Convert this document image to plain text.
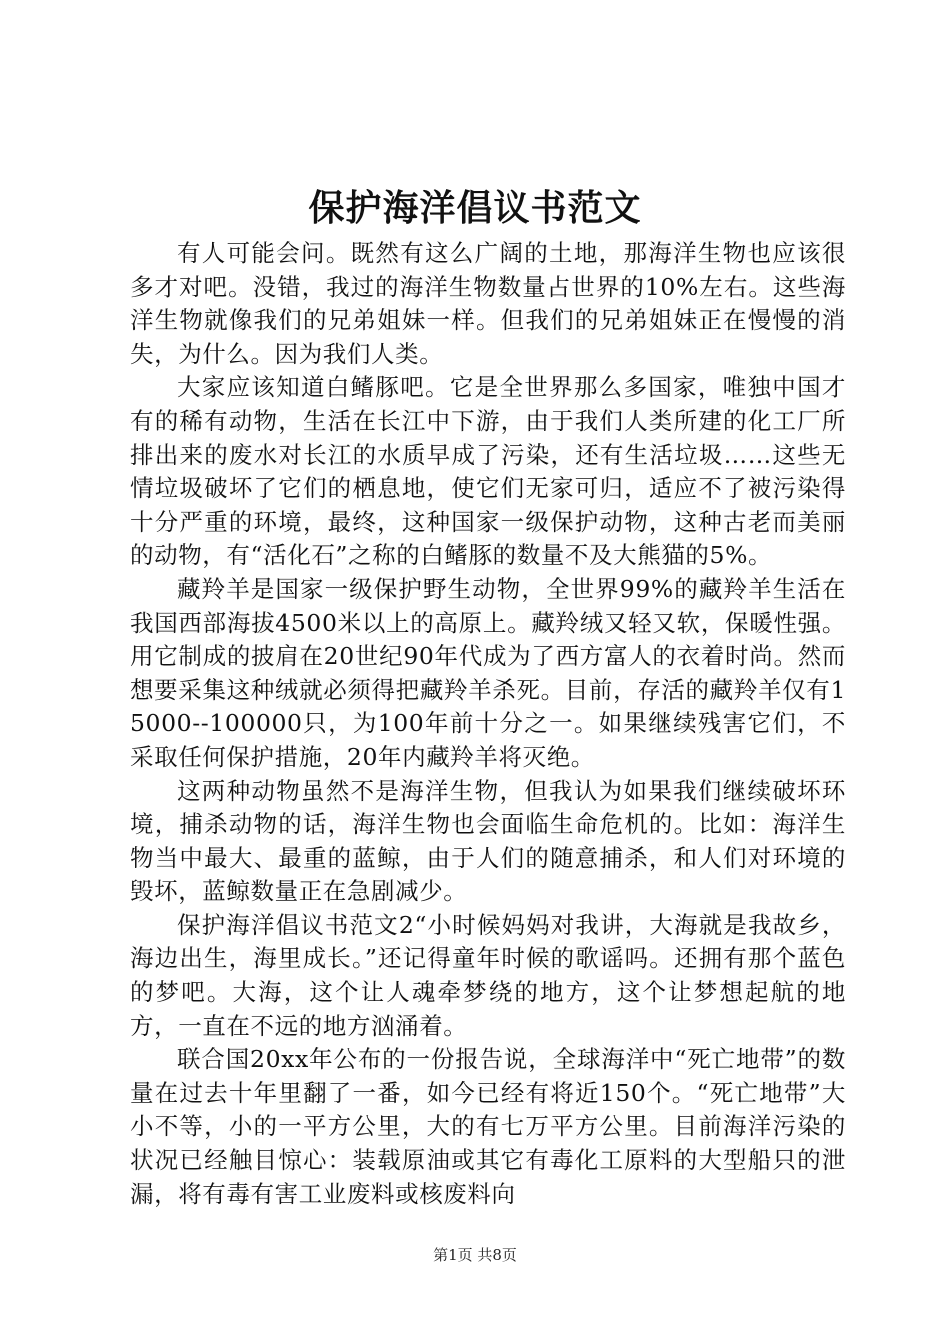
保护海洋倡议书范文

有人可能会问。既然有这么广阔的土地，那海洋生物也应该很多才对吧。没错，我过的海洋生物数量占世界的10%左右。这些海洋生物就像我们的兄弟姐妹一样。但我们的兄弟姐妹正在慢慢的消失，为什么。因为我们人类。

大家应该知道白鳍豚吧。它是全世界那么多国家，唯独中国才有的稀有动物，生活在长江中下游，由于我们人类所建的化工厂所排出来的废水对长江的水质早成了污染，还有生活垃圾……这些无情垃圾破坏了它们的栖息地，使它们无家可归，适应不了被污染得十分严重的环境，最终，这种国家一级保护动物，这种古老而美丽的动物，有“活化石”之称的白鳍豚的数量不及大熊猫的5%。

藏羚羊是国家一级保护野生动物，全世界99%的藏羚羊生活在我国西部海拔4500米以上的高原上。藏羚绒又轻又软，保暖性强。用它制成的披肩在20世纪90年代成为了西方富人的衣着时尚。然而想要采集这种绒就必须得把藏羚羊杀死。目前，存活的藏羚羊仅有15000--100000只，为100年前十分之一。如果继续残害它们，不采取任何保护措施，20年内藏羚羊将灭绝。

这两种动物虽然不是海洋生物，但我认为如果我们继续破坏环境，捕杀动物的话，海洋生物也会面临生命危机的。比如：海洋生物当中最大、最重的蓝鲸，由于人们的随意捕杀，和人们对环境的毁坏，蓝鲸数量正在急剧减少。

保护海洋倡议书范文2“小时候妈妈对我讲，大海就是我故乡，海边出生，海里成长。”还记得童年时候的歌谣吗。还拥有那个蓝色的梦吧。大海，这个让人魂牵梦绕的地方，这个让梦想起航的地方，一直在不远的地方汹涌着。

联合国20xx年公布的一份报告说，全球海洋中“死亡地带”的数量在过去十年里翻了一番，如今已经有将近150个。“死亡地带”大小不等，小的一平方公里，大的有七万平方公里。目前海洋污染的状况已经触目惊心：装载原油或其它有毒化工原料的大型船只的泄漏，将有毒有害工业废料或核废料向

第1页 共8页
